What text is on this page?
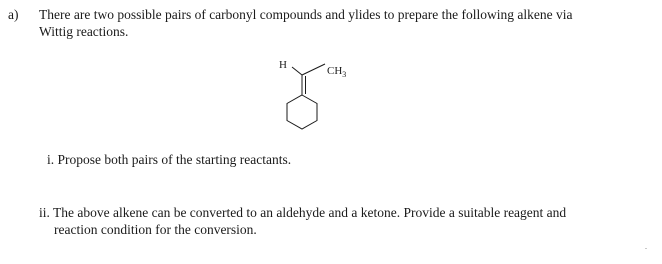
a) There are two possible pairs of carbonyl compounds and ylides to prepare the following alkene via
Wittig reactions.
H	$CH_3$
i. Propose both pairs of the starting reactants.
ii. The above alkene can be converted to an aldehyde and a ketone. Provide a suitable reagent and
reaction condition for the conversion.
